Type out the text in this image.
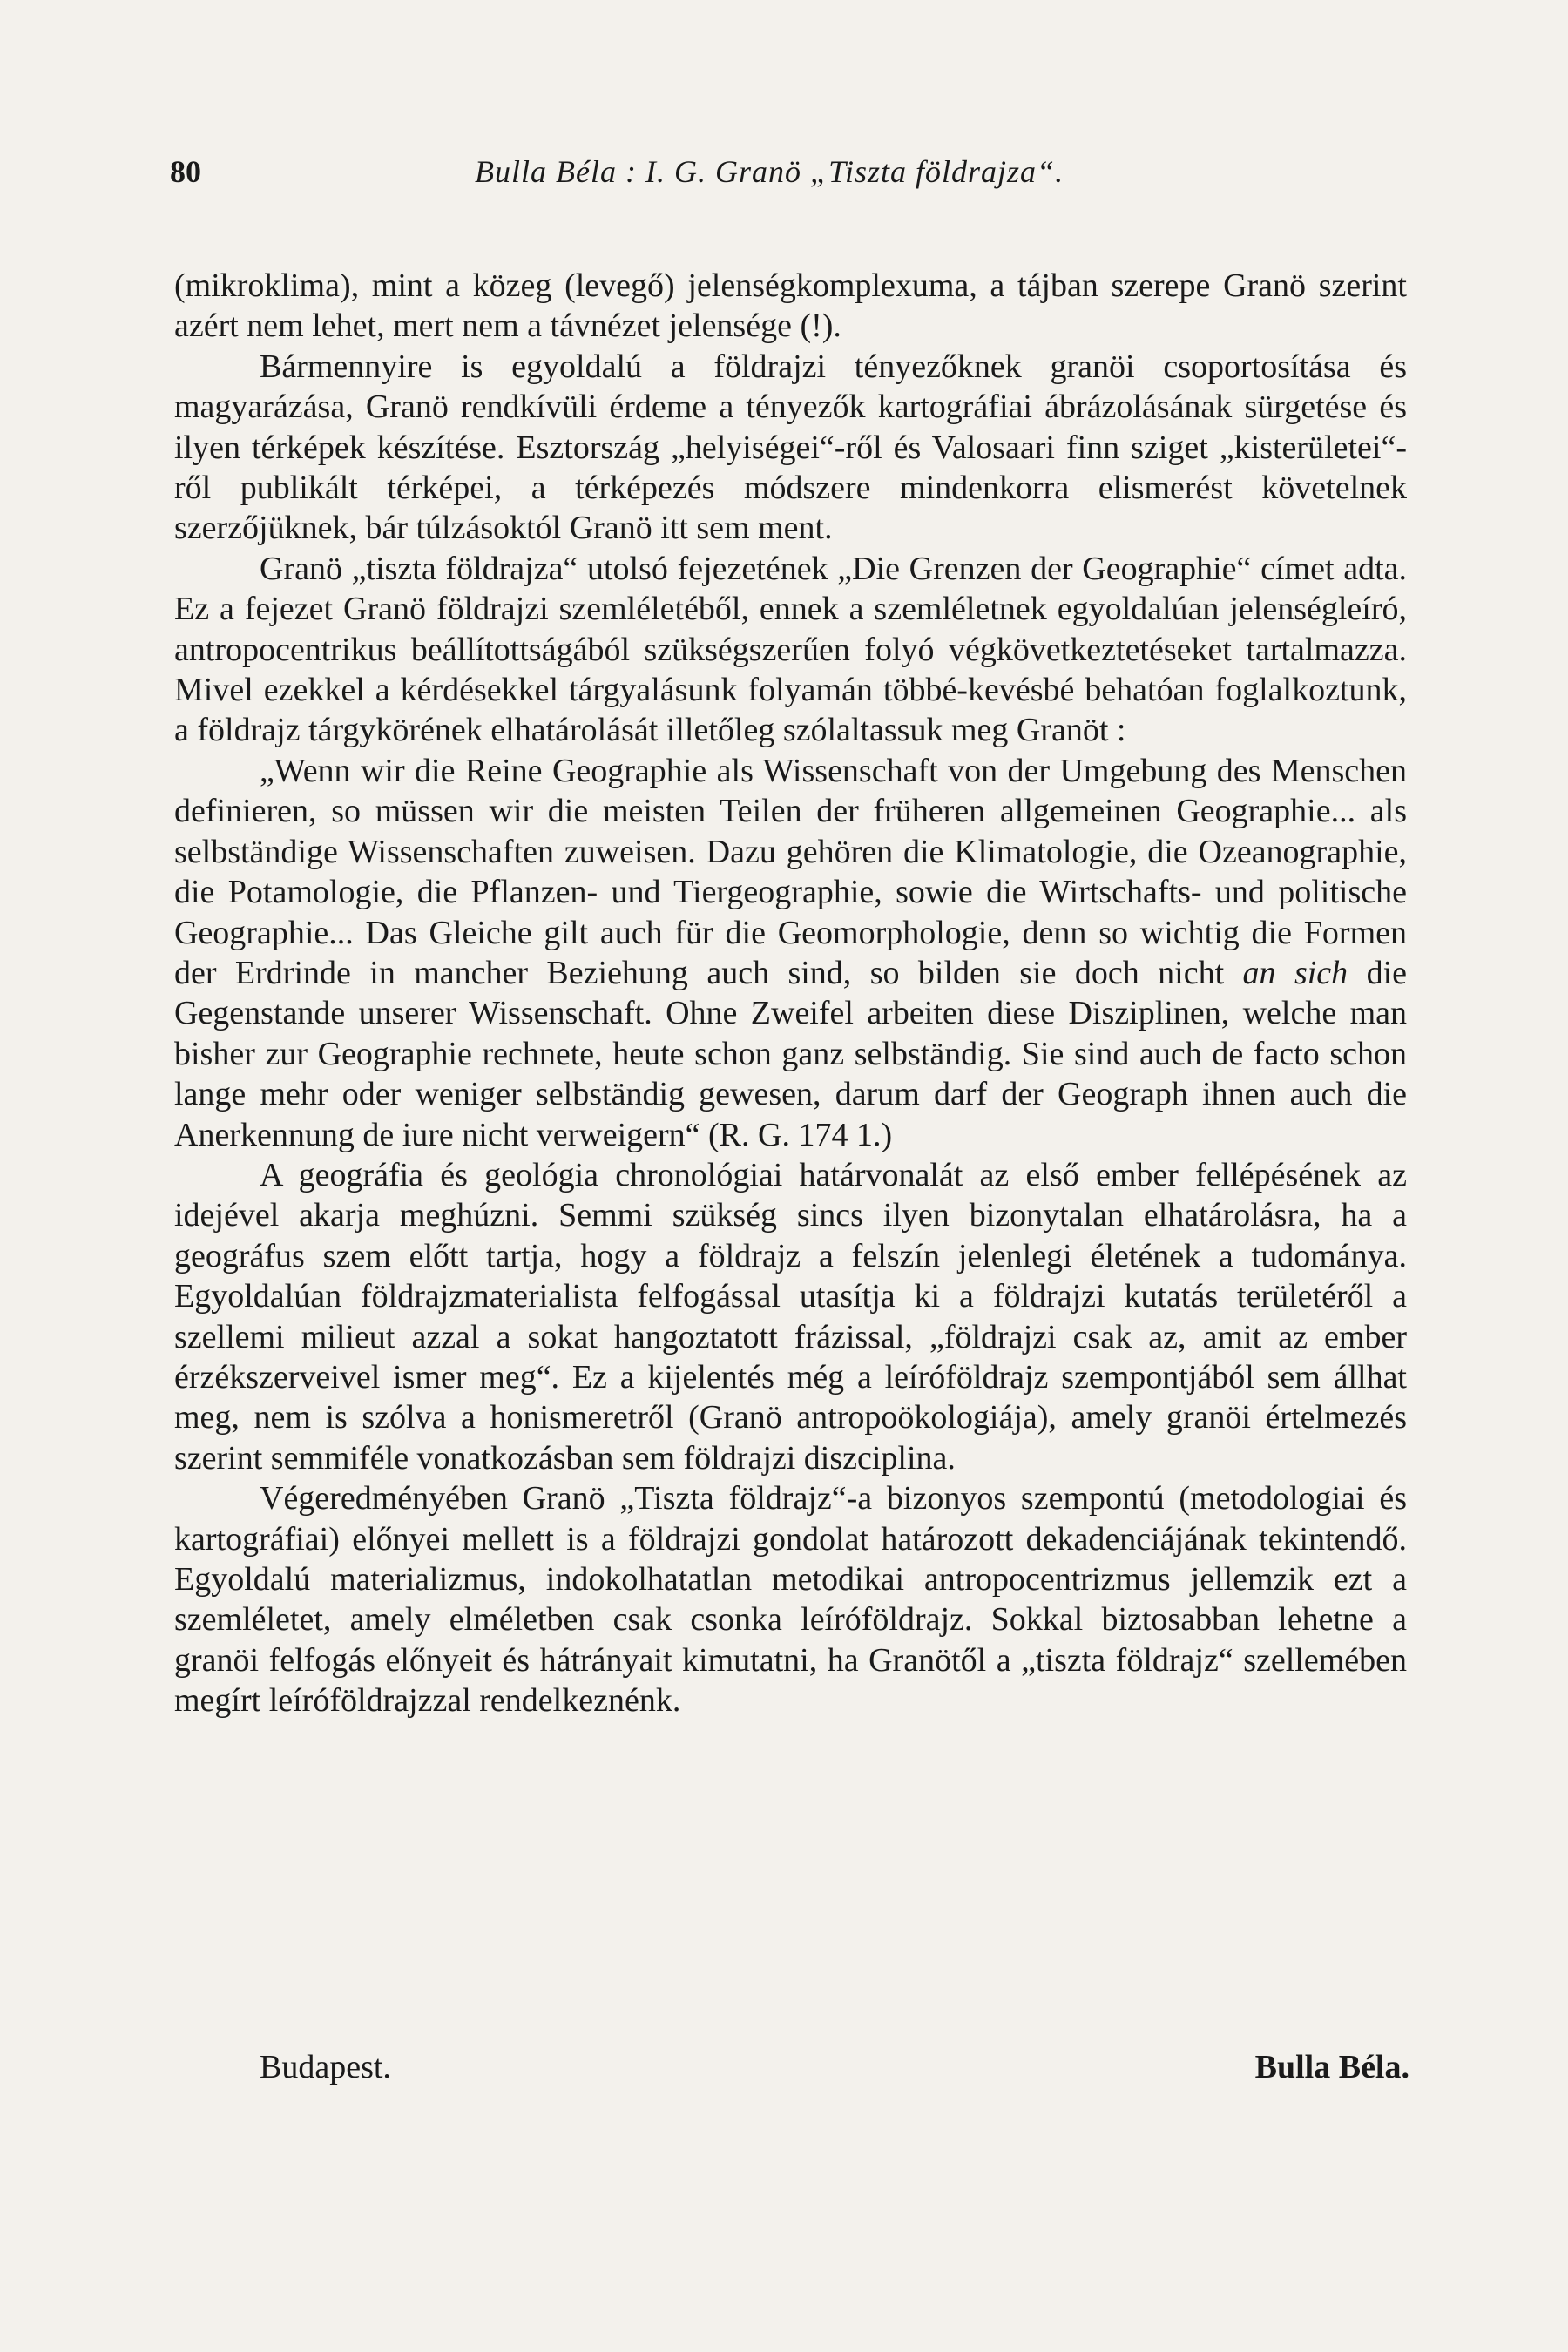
80	Bulla Béla : I. G. Granö „Tiszta földrajza“.

(mikroklima), mint a közeg (levegő) jelenségkomplexuma, a tájban szerepe Granö szerint azért nem lehet, mert nem a távnézet jelensége (!).

Bármennyire is egyoldalú a földrajzi tényezőknek granöi csoportosítása és magyarázása, Granö rendkívüli érdeme a tényezők kartográfiai ábrázolásának sürgetése és ilyen térképek készítése. Esztország „helyiségei“-ről és Valosaari finn sziget „kisterületei“-ről publikált térképei, a térképezés módszere mindenkorra elismerést követelnek szerzőjüknek, bár túlzásoktól Granö itt sem ment.

Granö „tiszta földrajza“ utolsó fejezetének „Die Grenzen der Geographie“ címet adta. Ez a fejezet Granö földrajzi szemléletéből, ennek a szemléletnek egyoldalúan jelenségleíró, antropocentrikus beállítottságából szükségszerűen folyó végkövetkeztetéseket tartalmazza. Mivel ezekkel a kérdésekkel tárgyalásunk folyamán többé-kevésbé behatóan foglalkoztunk, a földrajz tárgykörének elhatárolását illetőleg szólaltassuk meg Granöt :

„Wenn wir die Reine Geographie als Wissenschaft von der Umgebung des Menschen definieren, so müssen wir die meisten Teilen der früheren allgemeinen Geographie... als selbständige Wissenschaften zuweisen. Dazu gehören die Klimatologie, die Ozeanographie, die Potamologie, die Pflanzen- und Tiergeographie, sowie die Wirtschafts- und politische Geographie... Das Gleiche gilt auch für die Geomorphologie, denn so wichtig die Formen der Erdrinde in mancher Beziehung auch sind, so bilden sie doch nicht an sich die Gegenstande unserer Wissenschaft. Ohne Zweifel arbeiten diese Disziplinen, welche man bisher zur Geographie rechnete, heute schon ganz selbständig. Sie sind auch de facto schon lange mehr oder weniger selbständig gewesen, darum darf der Geograph ihnen auch die Anerkennung de iure nicht verweigern“ (R. G. 174 1.)

A geográfia és geológia chronológiai határvonalát az első ember fellépésének az idejével akarja meghúzni. Semmi szükség sincs ilyen bizonytalan elhatárolásra, ha a geográfus szem előtt tartja, hogy a földrajz a felszín jelenlegi életének a tudománya. Egyoldalúan földrajzmaterialista felfogással utasítja ki a földrajzi kutatás területéről a szellemi milieut azzal a sokat hangoztatott frázissal, „földrajzi csak az, amit az ember érzékszerveivel ismer meg“. Ez a kijelentés még a leíróföldrajz szempontjából sem állhat meg, nem is szólva a honismeretről (Granö antropoökologiája), amely granöi értelmezés szerint semmiféle vonatkozásban sem földrajzi diszciplina.

Végeredményében Granö „Tiszta földrajz“-a bizonyos szempontú (metodologiai és kartográfiai) előnyei mellett is a földrajzi gondolat határozott dekadenciájának tekintendő. Egyoldalú materializmus, indokolhatatlan metodikai antropocentrizmus jellemzik ezt a szemléletet, amely elméletben csak csonka leíróföldrajz. Sokkal biztosabban lehetne a granöi felfogás előnyeit és hátrányait kimutatni, ha Granötől a „tiszta földrajz“ szellemében megírt leíróföldrajzzal rendelkeznénk.

Budapest.	Bulla Béla.
